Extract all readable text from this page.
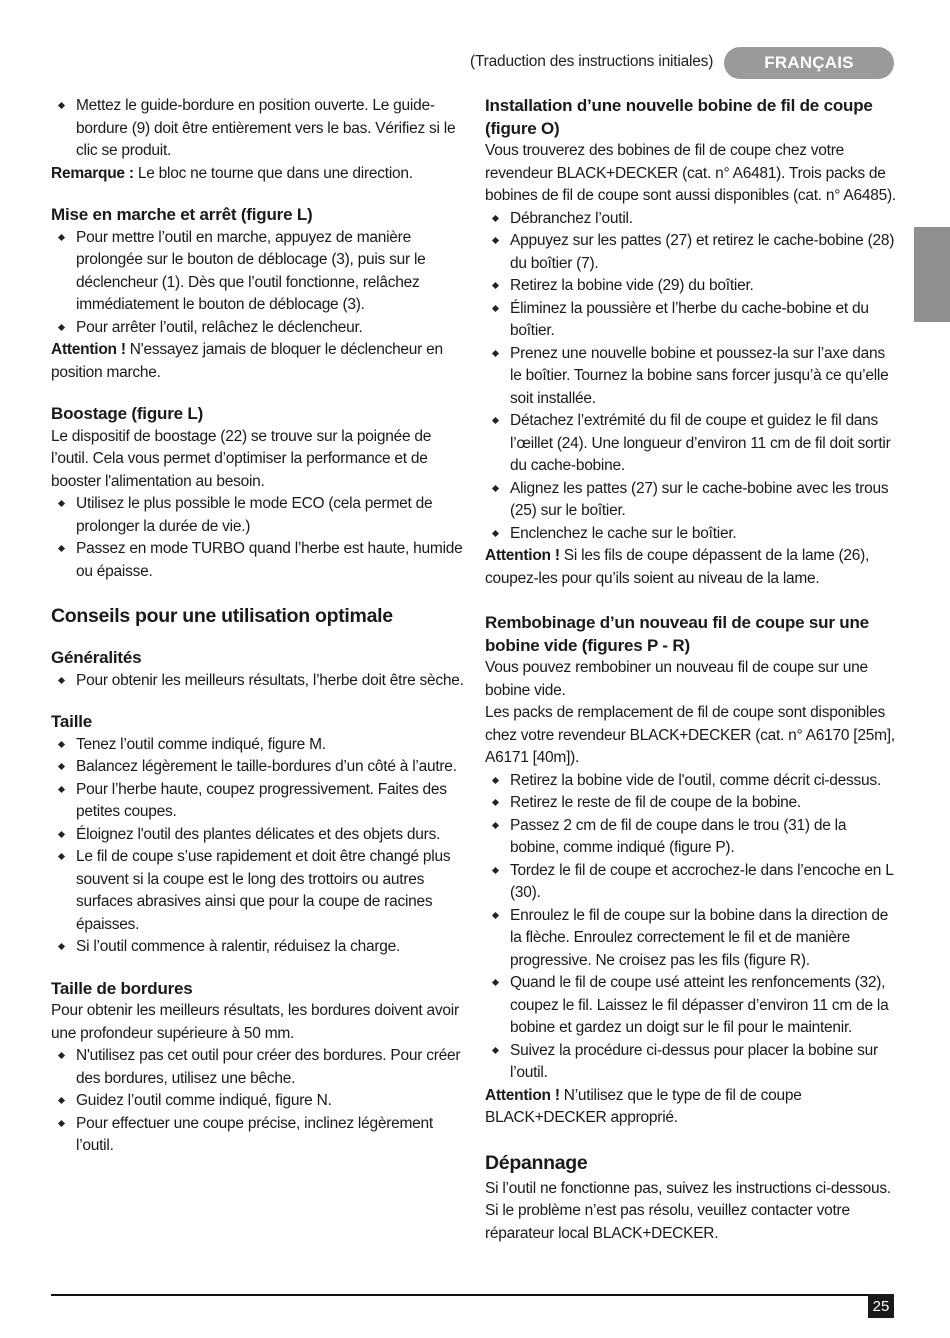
(Traduction des instructions initiales)	FRANÇAIS
Mettez le guide-bordure en position ouverte. Le guide-bordure (9) doit être entièrement vers le bas. Vérifiez si le clic se produit.

Remarque : Le bloc ne tourne que dans une direction.

Mise en marche et arrêt (figure L)
Pour mettre l’outil en marche, appuyez de manière prolongée sur le bouton de déblocage (3), puis sur le déclencheur (1). Dès que l’outil fonctionne, relâchez immédiatement le bouton de déblocage (3).
Pour arrêter l’outil, relâchez le déclencheur.

Attention ! N'essayez jamais de bloquer le déclencheur en position marche.

Boostage (figure L)

Le dispositif de boostage (22) se trouve sur la poignée de l’outil. Cela vous permet d’optimiser la performance et de booster l'alimentation au besoin.

Utilisez le plus possible le mode ECO (cela permet de prolonger la durée de vie.)
Passez en mode TURBO quand l’herbe est haute, humide ou épaisse.
Conseils pour une utilisation optimale
Généralités
Pour obtenir les meilleurs résultats, l’herbe doit être sèche.
Taille
Tenez l’outil comme indiqué, figure M.
Balancez légèrement le taille-bordures d’un côté à l’autre.
Pour l’herbe haute, coupez progressivement. Faites des petites coupes.
Éloignez l'outil des plantes délicates et des objets durs.
Le fil de coupe s’use rapidement et doit être changé plus souvent si la coupe est le long des trottoirs ou autres surfaces abrasives ainsi que pour la coupe de racines épaisses.
Si l’outil commence à ralentir, réduisez la charge.
Taille de bordures

Pour obtenir les meilleurs résultats, les bordures doivent avoir une profondeur supérieure à 50 mm.

N'utilisez pas cet outil pour créer des bordures. Pour créer des bordures, utilisez une bêche.
Guidez l’outil comme indiqué, figure N.
Pour effectuer une coupe précise, inclinez légèrement l’outil.
Installation d’une nouvelle bobine de fil de coupe (figure O)

Vous trouverez des bobines de fil de coupe chez votre revendeur BLACK+DECKER (cat. n° A6481). Trois packs de bobines de fil de coupe sont aussi disponibles (cat. n° A6485).

Débranchez l’outil.
Appuyez sur les pattes (27) et retirez le cache-bobine (28) du boîtier (7).
Retirez la bobine vide (29) du boîtier.
Éliminez la poussière et l’herbe du cache-bobine et du boîtier.
Prenez une nouvelle bobine et poussez-la sur l’axe dans le boîtier. Tournez la bobine sans forcer jusqu’à ce qu’elle soit installée.
Détachez l’extrémité du fil de coupe et guidez le fil dans l’œillet (24). Une longueur d’environ 11 cm de fil doit sortir du cache-bobine.
Alignez les pattes (27) sur le cache-bobine avec les trous (25) sur le boîtier.
Enclenchez le cache sur le boîtier.

Attention ! Si les fils de coupe dépassent de la lame (26), coupez-les pour qu’ils soient au niveau de la lame.

Rembobinage d’un nouveau fil de coupe sur une bobine vide (figures P - R)

Vous pouvez rembobiner un nouveau fil de coupe sur une bobine vide.

Les packs de remplacement de fil de coupe sont disponibles chez votre revendeur BLACK+DECKER (cat. n° A6170 [25m], A6171 [40m]).

Retirez la bobine vide de l'outil, comme décrit ci-dessus.
Retirez le reste de fil de coupe de la bobine.
Passez 2 cm de fil de coupe dans le trou (31) de la bobine, comme indiqué (figure P).
Tordez le fil de coupe et accrochez-le dans l’encoche en L (30).
Enroulez le fil de coupe sur la bobine dans la direction de la flèche. Enroulez correctement le fil et de manière progressive. Ne croisez pas les fils (figure R).
Quand le fil de coupe usé atteint les renfoncements (32), coupez le fil. Laissez le fil dépasser d’environ 11 cm de la bobine et gardez un doigt sur le fil pour le maintenir.
Suivez la procédure ci-dessus pour placer la bobine sur l’outil.

Attention ! N’utilisez que le type de fil de coupe BLACK+DECKER approprié.

Dépannage

Si l’outil ne fonctionne pas, suivez les instructions ci-dessous. Si le problème n’est pas résolu, veuillez contacter votre réparateur local BLACK+DECKER.

25
